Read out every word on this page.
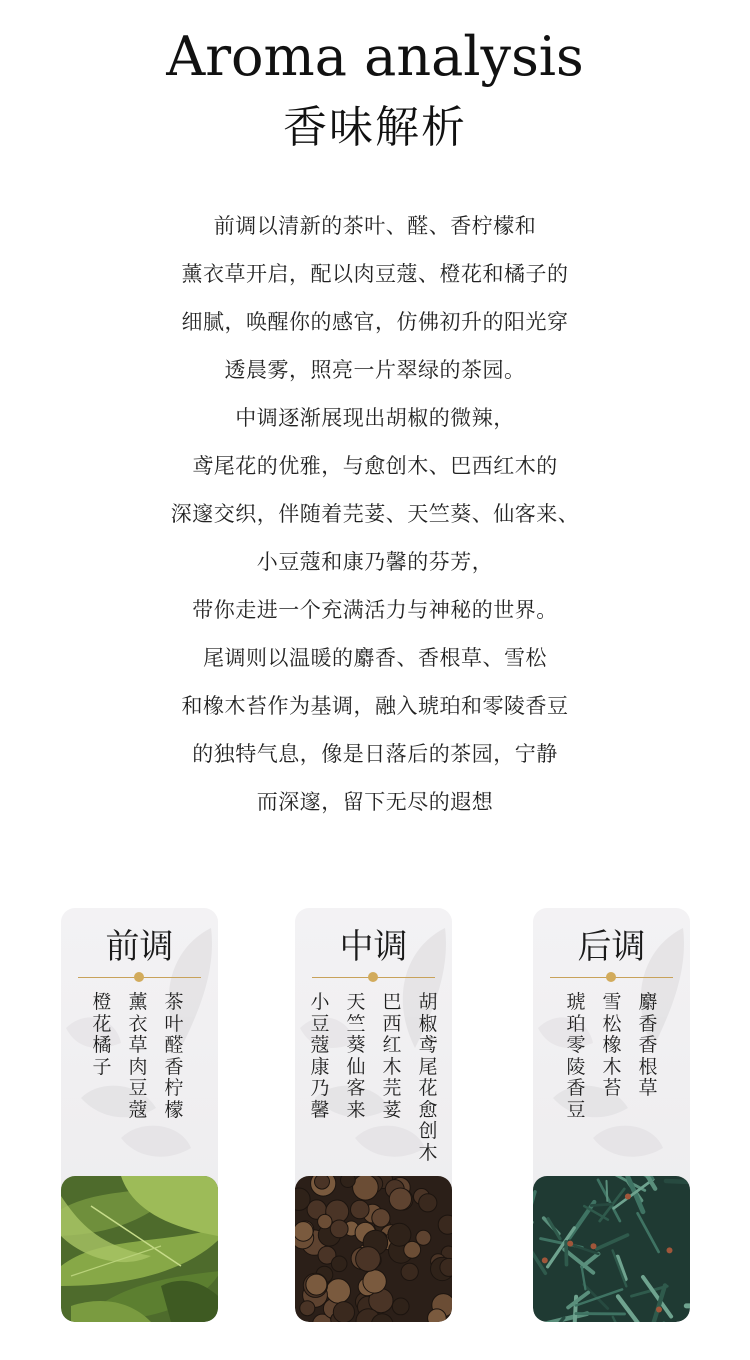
Aroma analysis
香味解析
前调以清新的茶叶、醛、香柠檬和
薰衣草开启，配以肉豆蔻、橙花和橘子的
细腻，唤醒你的感官，仿佛初升的阳光穿
透晨雾，照亮一片翠绿的茶园。
中调逐渐展现出胡椒的微辣，
鸢尾花的优雅，与愈创木、巴西红木的
深邃交织，伴随着芫荽、天竺葵、仙客来、
小豆蔻和康乃馨的芬芳，
带你走进一个充满活力与神秘的世界。
尾调则以温暖的麝香、香根草、雪松
和橡木苔作为基调，融入琥珀和零陵香豆
的独特气息，像是日落后的茶园，宁静
而深邃，留下无尽的遐想
前调
茶叶醛香柠檬
薰衣草肉豆蔻
橙花橘子
中调
胡椒鸢尾花愈创木
巴西红木芫荽
天竺葵仙客来
小豆蔻康乃馨
后调
麝香香根草
雪松橡木苔
琥珀零陵香豆
